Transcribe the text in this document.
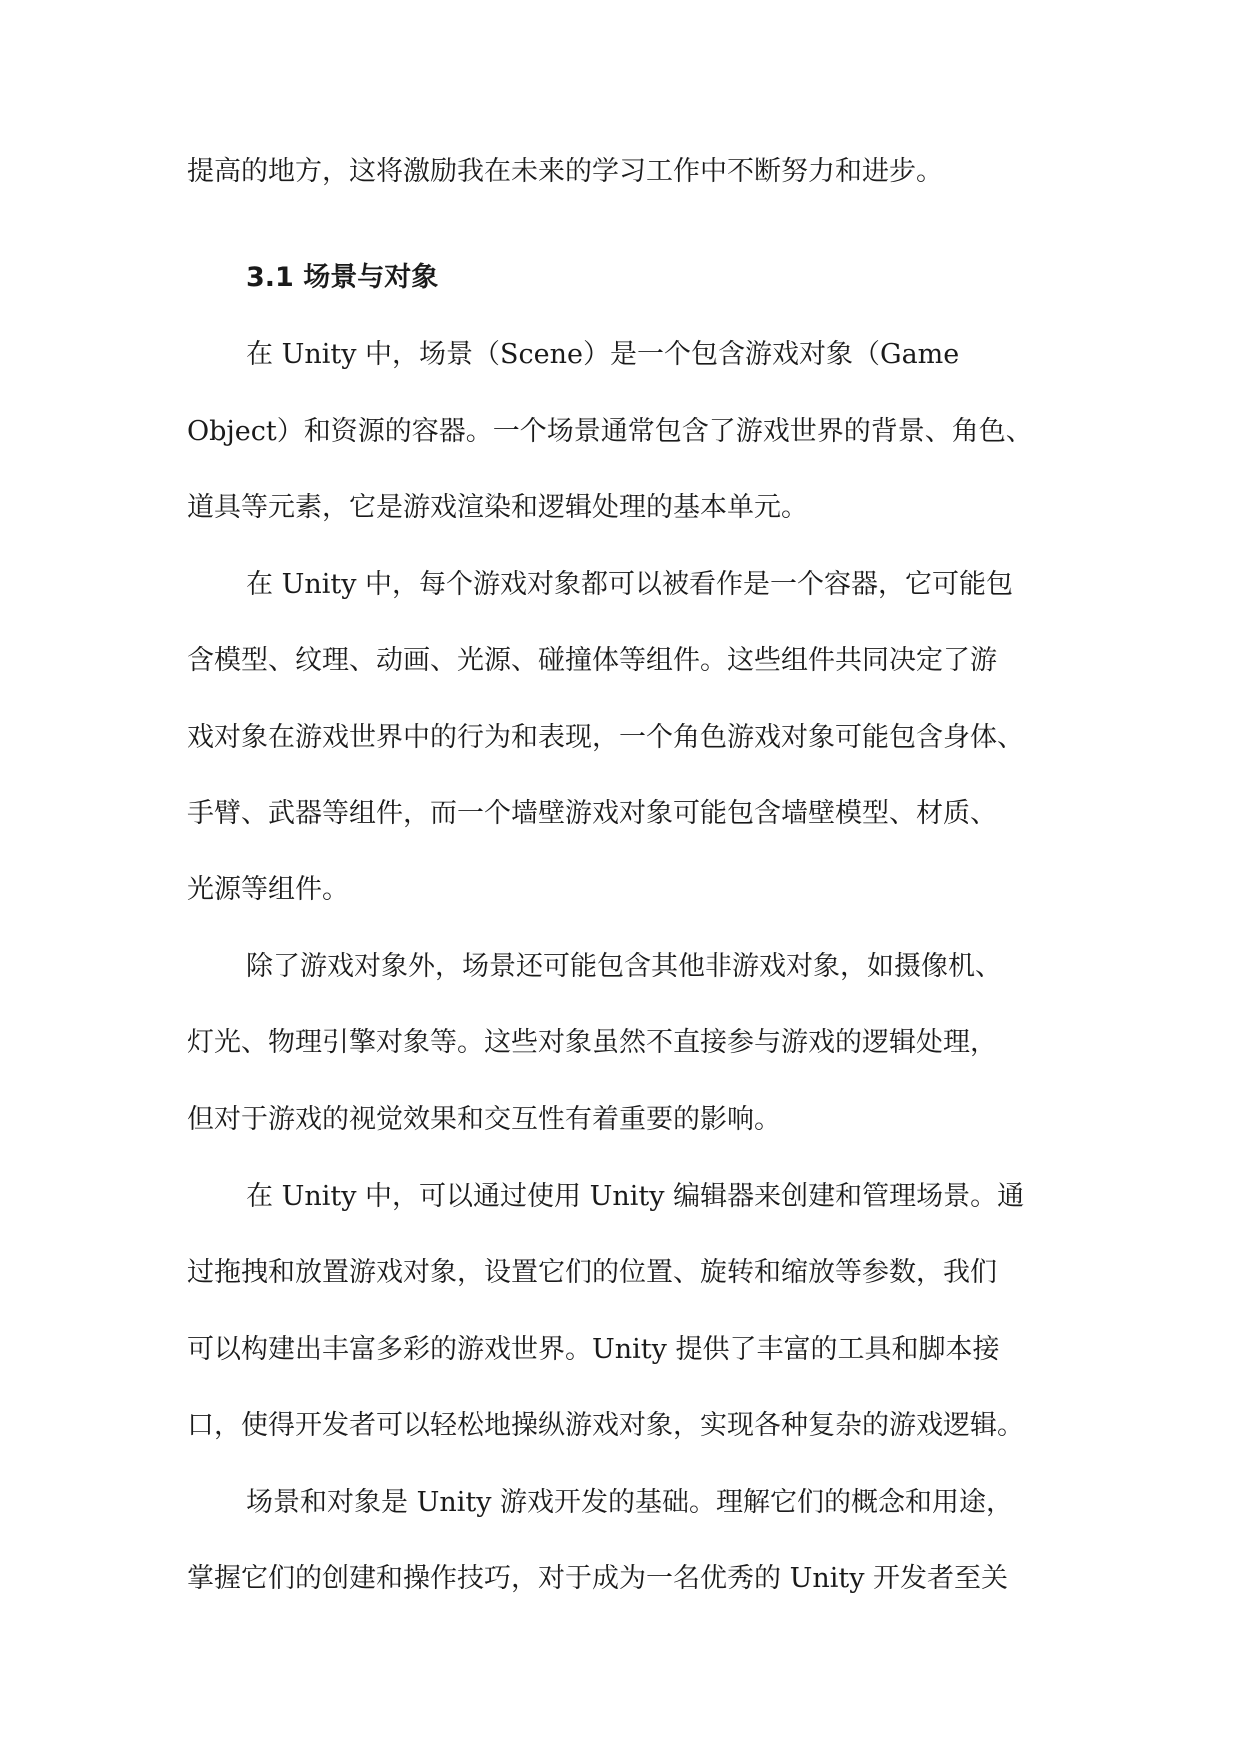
提高的地方，这将激励我在未来的学习工作中不断努力和进步。
3.1 场景与对象
在 Unity 中，场景（Scene）是一个包含游戏对象（Game
Object）和资源的容器。一个场景通常包含了游戏世界的背景、角色、
道具等元素，它是游戏渲染和逻辑处理的基本单元。
在 Unity 中，每个游戏对象都可以被看作是一个容器，它可能包
含模型、纹理、动画、光源、碰撞体等组件。这些组件共同决定了游
戏对象在游戏世界中的行为和表现，一个角色游戏对象可能包含身体、
手臂、武器等组件，而一个墙壁游戏对象可能包含墙壁模型、材质、
光源等组件。
除了游戏对象外，场景还可能包含其他非游戏对象，如摄像机、
灯光、物理引擎对象等。这些对象虽然不直接参与游戏的逻辑处理，
但对于游戏的视觉效果和交互性有着重要的影响。
在 Unity 中，可以通过使用 Unity 编辑器来创建和管理场景。通
过拖拽和放置游戏对象，设置它们的位置、旋转和缩放等参数，我们
可以构建出丰富多彩的游戏世界。Unity 提供了丰富的工具和脚本接
口，使得开发者可以轻松地操纵游戏对象，实现各种复杂的游戏逻辑。
场景和对象是 Unity 游戏开发的基础。理解它们的概念和用途，
掌握它们的创建和操作技巧，对于成为一名优秀的 Unity 开发者至关
